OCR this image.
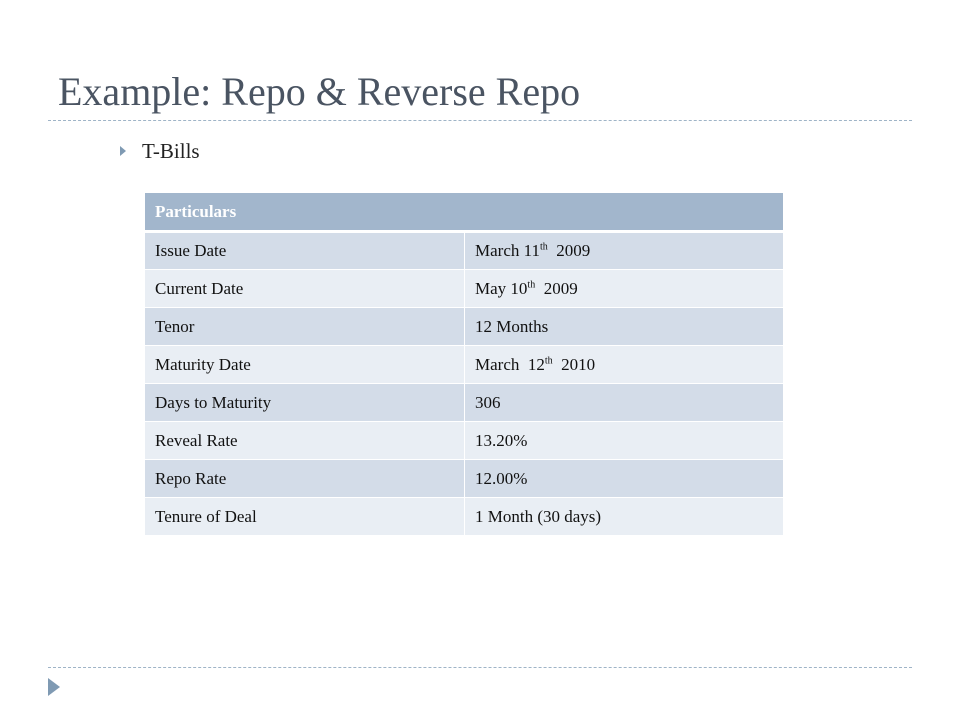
Example: Repo & Reverse Repo
T-Bills
Particulars	
Issue Date	March 11th  2009
Current Date	May 10th  2009
Tenor	12 Months
Maturity Date	March  12th  2010
Days to Maturity	306
Reveal Rate	13.20%
Repo Rate	12.00%
Tenure of Deal	1 Month (30 days)
